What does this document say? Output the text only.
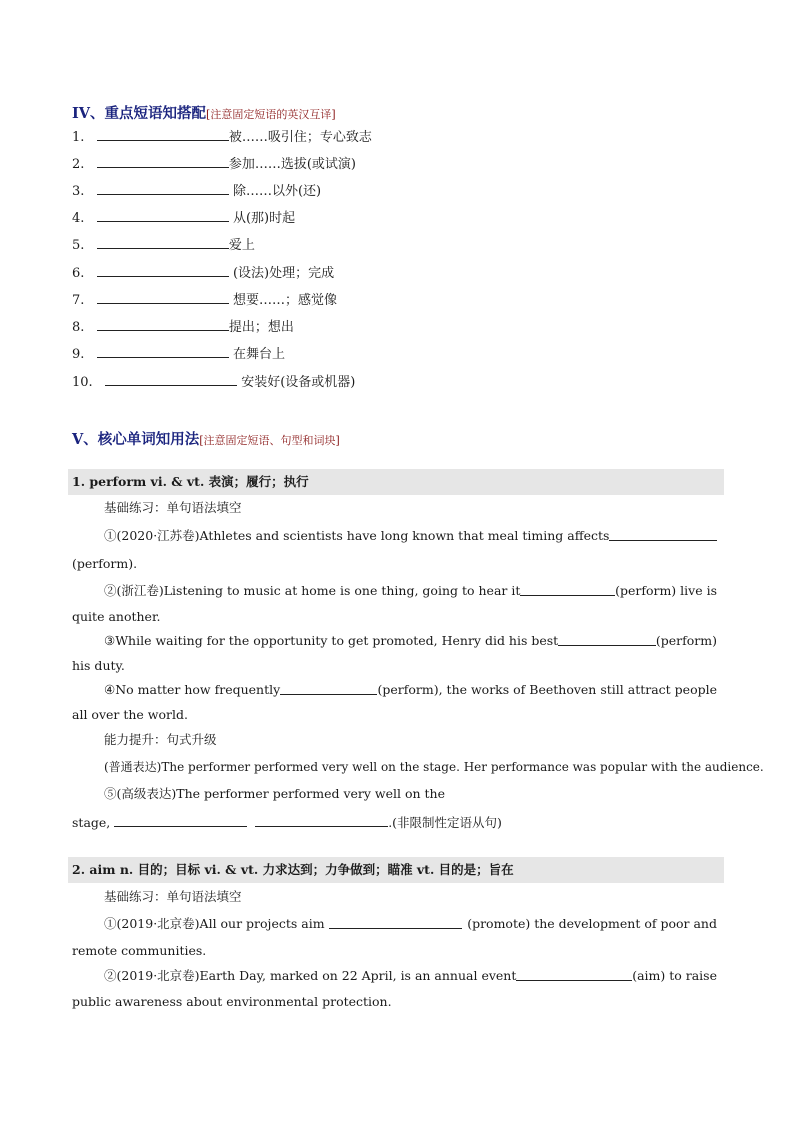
IV、重点短语知搭配[注意固定短语的英汉互译]
1.	被……吸引住；专心致志
2.	参加……选拔(或试演)
3.	除……以外(还)
4.	从(那)时起
5.	爱上
6.	(设法)处理；完成
7.	想要……；感觉像
8.	提出；想出
9.	在舞台上
10.	安装好(设备或机器)
V、核心单词知用法[注意固定短语、句型和词块]
1. perform vi. & vt. 表演；履行；执行
基础练习：单句语法填空
①(2020·江苏卷)Athletes and scientists have long known that meal timing affects
(perform).
②(浙江卷)Listening to music at home is one thing, going to hear it	(perform) live is
quite another.
③While waiting for the opportunity to get promoted, Henry did his best	(perform)
his duty.
④No matter how frequently	(perform), the works of Beethoven still attract people
all over the world.
能力提升：句式升级
(普通表达)The performer performed very well on the stage. Her performance was popular with the audience.
⑤(高级表达)The performer performed very well on the
stage,	.(非限制性定语从句)
2. aim n. 目的；目标 vi. & vt. 力求达到；力争做到；瞄准 vt. 目的是；旨在
基础练习：单句语法填空
①(2019·北京卷)All our projects aim	(promote) the development of poor and
remote communities.
②(2019·北京卷)Earth Day, marked on 22 April, is an annual event	(aim) to raise
public awareness about environmental protection.
